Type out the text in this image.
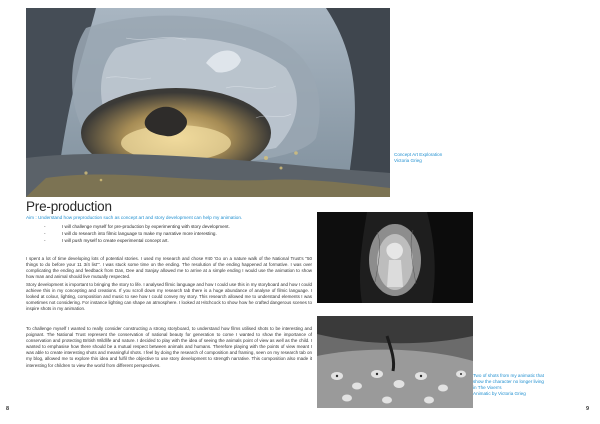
Concept Art Exploration
Victoria Grieg
Pre-production
Aim : Understand how preproduction such as concept art and story development can help my animation.
-	I will challenge myself for pre-production by experimenting with story development.
-	I will do research into filmic language to make my narrative more interesting.
-	I will push myself to create experimental concept art.

I spent a lot of time developing lots of potential stories. I used my research and chose #40 'Go on a nature walk of the National Trust's "50 things to do before your 11 3/4 list"'. I was stuck some time on the ending. The resolution of the ending happened at formative. I was over complicating the ending and feedback from Dan, Dee and Sanjay allowed me to arrive at a simple ending I would use the animation to show how man and animal should live mutually respected.

Story development is important to bringing the story to life. I analysed filmic language and how I could use this in my storyboard and how I could achieve this in my concepting and creations. If you scroll down my research tab there is a huge abundance of analyse of filmic language. I looked at colour, lighting, composition and music to see how I could convey my story. This research allowed me to understand elements I was sometimes not considering. For instance lighting can shape an atmosphere. I looked at Hitchcock to show how he crafted dangerous scenes to inspire shots in my animation.

To challenge myself I wanted to really consider constructing a strong storyboard, to understand how films utilised shots to be interesting and poignant. The National Trust represent the conservation of national beauty for generation to come I wanted to show the importance of conservation and protecting British Wildlife and nature. I decided to play with the idea of seeing the animals point of view as well as the child. I wanted to emphasise how there should be a mutual respect between animals and humans. Therefore playing with the points of view meant I was able to create interesting shots and meaningful shots. I feel by doing the research of composition and framing, seen on my research tab on my blog, allowed me to explore this idea and fulfil the objective to use story development to strength narrative. This composition also made it interesting for children to view the world from different perspectives.

Two of shots from my animatic that
show the character no longer living
in The Vixen's
Animatic by Victoria Grieg
8	9
